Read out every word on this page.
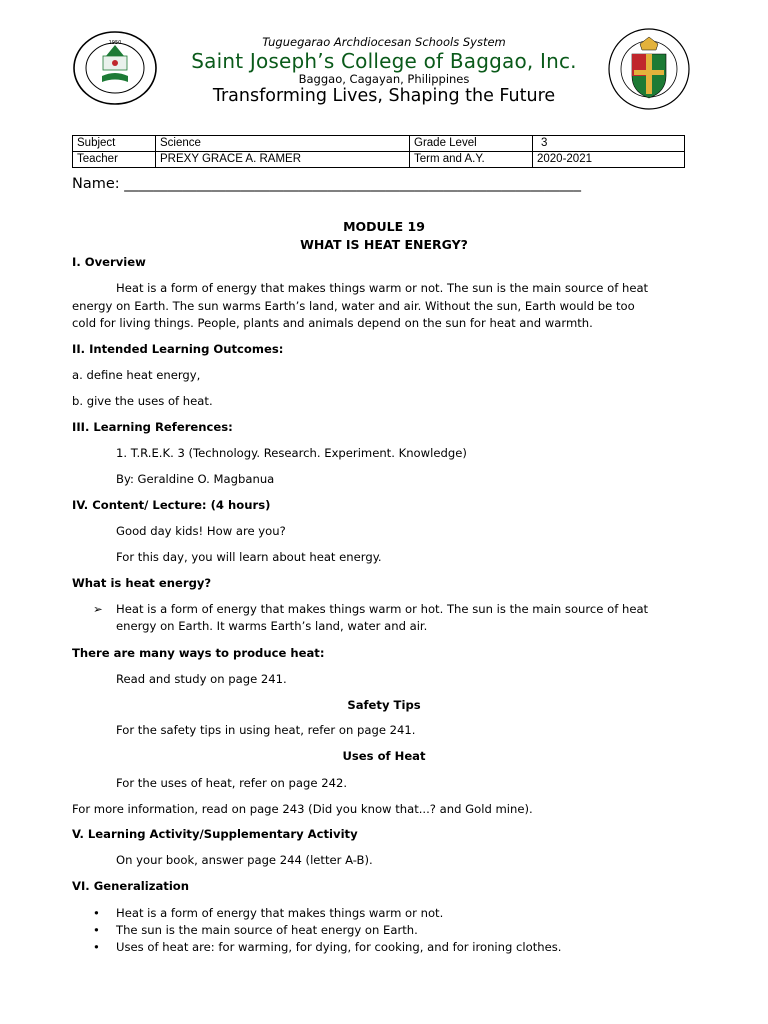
1950	Tuguegarao Archdiocesan Schools System
Saint Joseph’s College of Baggao, Inc.
Baggao, Cagayan, Philippines
Transforming Lives, Shaping the Future
Subject	Science	Grade Level	3
Teacher	PREXY GRACE A. RAMER	Term and A.Y.	2020-2021
Name: _______________________________________________________________
MODULE 19
WHAT IS HEAT ENERGY?
I. Overview
Heat is a form of energy that makes things warm or not. The sun is the main source of heat
energy on Earth. The sun warms Earth’s land, water and air. Without the sun, Earth would be too
cold for living things. People, plants and animals depend on the sun for heat and warmth.
II. Intended Learning Outcomes:
a. define heat energy,
b. give the uses of heat.
III. Learning References:
1. T.R.E.K. 3 (Technology. Research. Experiment. Knowledge)
By: Geraldine O. Magbanua
IV. Content/ Lecture: (4 hours)
Good day kids! How are you?
For this day, you will learn about heat energy.
What is heat energy?
➢ Heat is a form of energy that makes things warm or hot. The sun is the main source of heat
energy on Earth. It warms Earth’s land, water and air.
There are many ways to produce heat:
Read and study on page 241.
Safety Tips
For the safety tips in using heat, refer on page 241.
Uses of Heat
For the uses of heat, refer on page 242.
For more information, read on page 243 (Did you know that...? and Gold mine).
V. Learning Activity/Supplementary Activity
On your book, answer page 244 (letter A-B).
VI. Generalization
• Heat is a form of energy that makes things warm or not.
• The sun is the main source of heat energy on Earth.
• Uses of heat are: for warming, for dying, for cooking, and for ironing clothes.
